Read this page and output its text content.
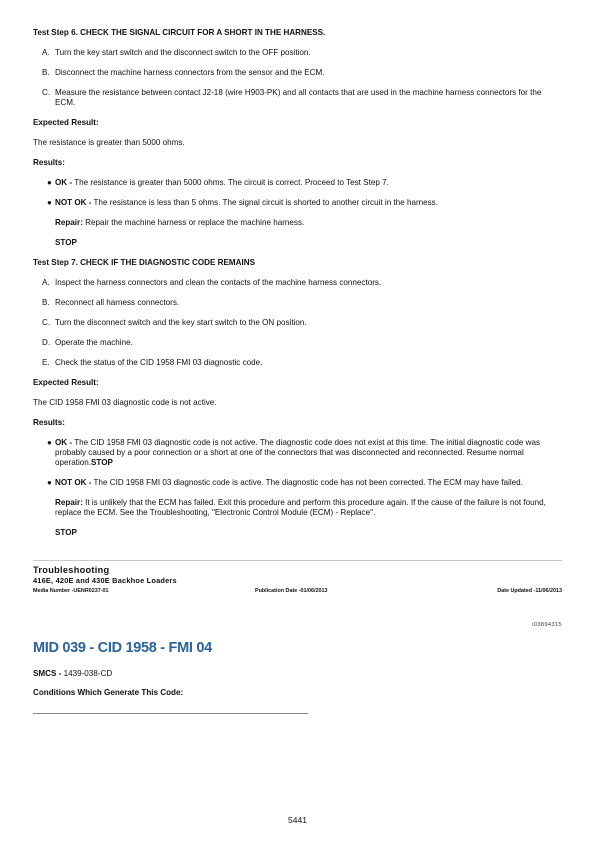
Test Step 6. CHECK THE SIGNAL CIRCUIT FOR A SHORT IN THE HARNESS.

A. Turn the key start switch and the disconnect switch to the OFF position.
B. Disconnect the machine harness connectors from the sensor and the ECM.
C. Measure the resistance between contact J2-18 (wire H903-PK) and all contacts that are used in the machine harness connectors for the ECM.

Expected Result:

The resistance is greater than 5000 ohms.

Results:

● OK - The resistance is greater than 5000 ohms. The circuit is correct. Proceed to Test Step 7.
● NOT OK - The resistance is less than 5 ohms. The signal circuit is shorted to another circuit in the harness.

Repair: Repair the machine harness or replace the machine harness.

STOP

Test Step 7. CHECK IF THE DIAGNOSTIC CODE REMAINS

A. Inspect the harness connectors and clean the contacts of the machine harness connectors.
B. Reconnect all harness connectors.
C. Turn the disconnect switch and the key start switch to the ON position.
D. Operate the machine.
E. Check the status of the CID 1958 FMI 03 diagnostic code.

Expected Result:

The CID 1958 FMI 03 diagnostic code is not active.

Results:

● OK - The CID 1958 FMI 03 diagnostic code is not active. The diagnostic code does not exist at this time. The initial diagnostic code was probably caused by a poor connection or a short at one of the connectors that was disconnected and reconnected. Resume normal operation.STOP
● NOT OK - The CID 1958 FMI 03 diagnostic code is active. The diagnostic code has not been corrected. The ECM may have failed.

Repair: It is unlikely that the ECM has failed. Exit this procedure and perform this procedure again. If the cause of the failure is not found, replace the ECM. See the Troubleshooting, "Electronic Control Module (ECM) - Replace".

STOP

Troubleshooting
416E, 420E and 430E Backhoe Loaders
Media Number -UENR0237-01	Publication Date -01/06/2013	Date Updated -11/06/2013
i03894315
MID 039 - CID 1958 - FMI 04
SMCS - 1439-038-CD
Conditions Which Generate This Code:
5441
